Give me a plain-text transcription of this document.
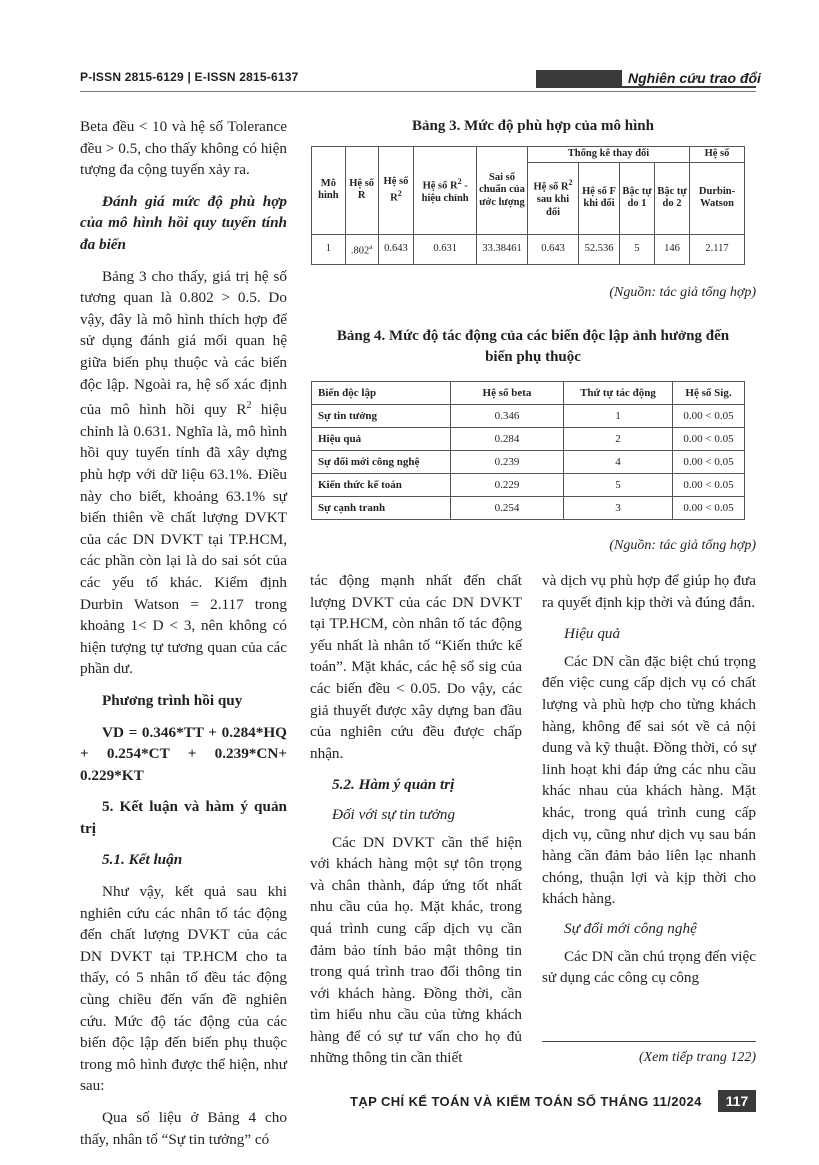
P-ISSN 2815-6129 | E-ISSN 2815-6137	Nghiên cứu trao đổi

Beta đều < 10 và hệ số Tolerance đều > 0.5, cho thấy không có hiện tượng đa cộng tuyến xảy ra.

Đánh giá mức độ phù hợp của mô hình hồi quy tuyến tính đa biến

Bảng 3 cho thấy, giá trị hệ số tương quan là 0.802 > 0.5. Do vậy, đây là mô hình thích hợp để sử dụng đánh giá mối quan hệ giữa biến phụ thuộc và các biến độc lập. Ngoài ra, hệ số xác định của mô hình hồi quy $R^2$ hiệu chỉnh là 0.631. Nghĩa là, mô hình hồi quy tuyến tính đã xây dựng phù hợp với dữ liệu 63.1%. Điều này cho biết, khoảng 63.1% sự biến thiên về chất lượng DVKT của các DN DVKT tại TP.HCM, các phần còn lại là do sai sót của các yếu tố khác. Kiểm định Durbin Watson = 2.117 trong khoảng 1< D < 3, nên không có hiện tượng tự tương quan của các phần dư.

Phương trình hồi quy

VD = 0.346*TT + 0.284*HQ + 0.254*CT + 0.239*CN+ 0.229*KT

5. Kết luận và hàm ý quản trị

5.1. Kết luận

Như vậy, kết quả sau khi nghiên cứu các nhân tố tác động đến chất lượng DVKT của các DN DVKT tại TP.HCM cho ta thấy, có 5 nhân tố đều tác động cùng chiều đến vấn đề nghiên cứu. Mức độ tác động của các biến độc lập đến biến phụ thuộc trong mô hình được thể hiện, như sau:

Qua số liệu ở Bảng 4 cho thấy, nhân tố “Sự tin tưởng” có

Bảng 3. Mức độ phù hợp của mô hình
Mô hình	Hệ số R	Hệ số $R^2$	Hệ số $R^2$ - hiệu chỉnh	Sai số chuẩn của ước lượng	Thống kê thay đổi				Hệ số
					Hệ số $R^2$ sau khi đổi	Hệ số F khi đổi	Bậc tự do 1	Bậc tự do 2	Durbin-Watson
1	.802$^a$	0.643	0.631	33.38461	0.643	52.536	5	146	2.117
(Nguồn: tác giả tổng hợp)
Bảng 4. Mức độ tác động của các biến độc lập ảnh hưởng đến
biến phụ thuộc
Biến độc lập	Hệ số beta	Thứ tự tác động	Hệ số Sig.
Sự tin tưởng	0.346	1	0.00 < 0.05
Hiệu quả	0.284	2	0.00 < 0.05
Sự đổi mới công nghệ	0.239	4	0.00 < 0.05
Kiến thức kế toán	0.229	5	0.00 < 0.05
Sự cạnh tranh	0.254	3	0.00 < 0.05
(Nguồn: tác giả tổng hợp)

tác động mạnh nhất đến chất lượng DVKT của các DN DVKT tại TP.HCM, còn nhân tố tác động yếu nhất là nhân tố “Kiến thức kế toán”. Mặt khác, các hệ số sig của các biến đều < 0.05. Do vậy, các giả thuyết được xây dựng ban đầu của nghiên cứu đều được chấp nhận.

5.2. Hàm ý quản trị

Đối với sự tin tưởng

Các DN DVKT cần thể hiện với khách hàng một sự tôn trọng và chân thành, đáp ứng tốt nhất nhu cầu của họ. Mặt khác, trong quá trình cung cấp dịch vụ cần đảm bảo tính bảo mật thông tin trong quá trình trao đổi thông tin với khách hàng. Đồng thời, cần tìm hiểu nhu cầu của từng khách hàng để có sự tư vấn cho họ đủ những thông tin cần thiết

và dịch vụ phù hợp để giúp họ đưa ra quyết định kịp thời và đúng đắn.

Hiệu quả

Các DN cần đặc biệt chú trọng đến việc cung cấp dịch vụ có chất lượng và phù hợp cho từng khách hàng, không để sai sót về cả nội dung và kỹ thuật. Đồng thời, có sự linh hoạt khi đáp ứng các nhu cầu khác nhau của khách hàng. Mặt khác, trong quá trình cung cấp dịch vụ, cũng như dịch vụ sau bán hàng cần đảm bảo liên lạc nhanh chóng, thuận lợi và kịp thời cho khách hàng.

Sự đổi mới công nghệ

Các DN cần chú trọng đến việc sử dụng các công cụ công

(Xem tiếp trang 122)
TẠP CHÍ KẾ TOÁN VÀ KIỂM TOÁN SỐ THÁNG 11/2024	117
